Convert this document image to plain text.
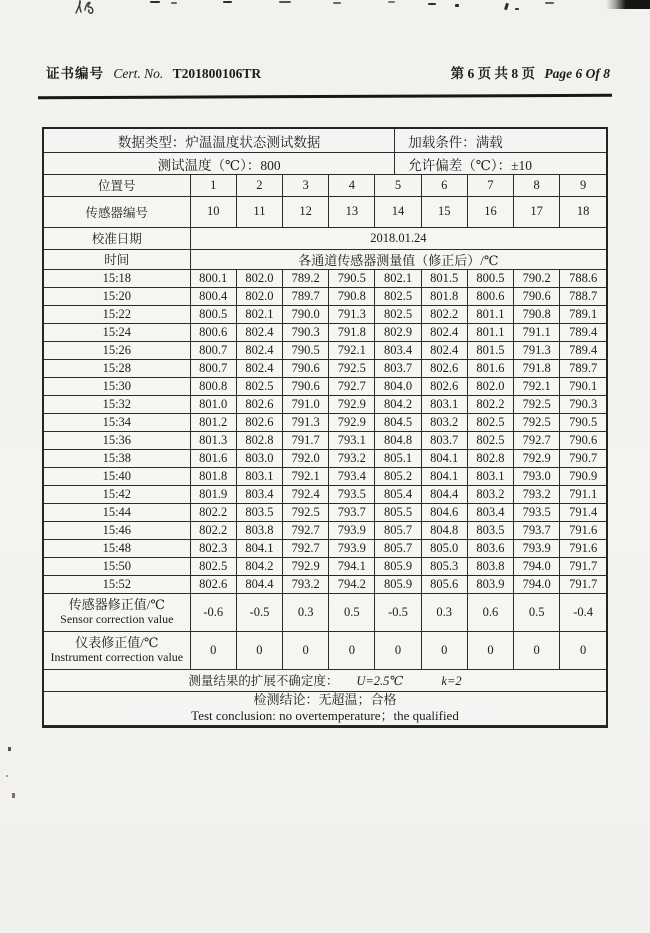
证书编号 Cert. No. T201800106TR	第 6 页 共 8 页 Page 6 Of 8
数据类型：炉温温度状态测试数据	加载条件：满载
测试温度（℃）：800	允许偏差（℃）：±10
位置号	1	2	3	4	5	6	7	8	9
传感器编号	10	11	12	13	14	15	16	17	18
校准日期	2018.01.24								
时间	各通道传感器测量值（修正后）/℃								
15:18	800.1	802.0	789.2	790.5	802.1	801.5	800.5	790.2	788.6
15:20	800.4	802.0	789.7	790.8	802.5	801.8	800.6	790.6	788.7
15:22	800.5	802.1	790.0	791.3	802.5	802.2	801.1	790.8	789.1
15:24	800.6	802.4	790.3	791.8	802.9	802.4	801.1	791.1	789.4
15:26	800.7	802.4	790.5	792.1	803.4	802.4	801.5	791.3	789.4
15:28	800.7	802.4	790.6	792.5	803.7	802.6	801.6	791.8	789.7
15:30	800.8	802.5	790.6	792.7	804.0	802.6	802.0	792.1	790.1
15:32	801.0	802.6	791.0	792.9	804.2	803.1	802.2	792.5	790.3
15:34	801.2	802.6	791.3	792.9	804.5	803.2	802.5	792.5	790.5
15:36	801.3	802.8	791.7	793.1	804.8	803.7	802.5	792.7	790.6
15:38	801.6	803.0	792.0	793.2	805.1	804.1	802.8	792.9	790.7
15:40	801.8	803.1	792.1	793.4	805.2	804.1	803.1	793.0	790.9
15:42	801.9	803.4	792.4	793.5	805.4	804.4	803.2	793.2	791.1
15:44	802.2	803.5	792.5	793.7	805.5	804.6	803.4	793.5	791.4
15:46	802.2	803.8	792.7	793.9	805.7	804.8	803.5	793.7	791.6
15:48	802.3	804.1	792.7	793.9	805.7	805.0	803.6	793.9	791.6
15:50	802.5	804.2	792.9	794.1	805.9	805.3	803.8	794.0	791.7
15:52	802.6	804.4	793.2	794.2	805.9	805.6	803.9	794.0	791.7

传感器修正值/℃
Sensor correction value	-0.6	-0.5	0.3	0.5	-0.5	0.3	0.6	0.5	-0.4

仪表修正值/℃
Instrument correction value	0	0	0	0	0	0	0	0	0
测量结果的扩展不确定度： U=2.5℃ k=2									

检测结论：无超温；合格
Test conclusion: no overtemperature；the qualified									
